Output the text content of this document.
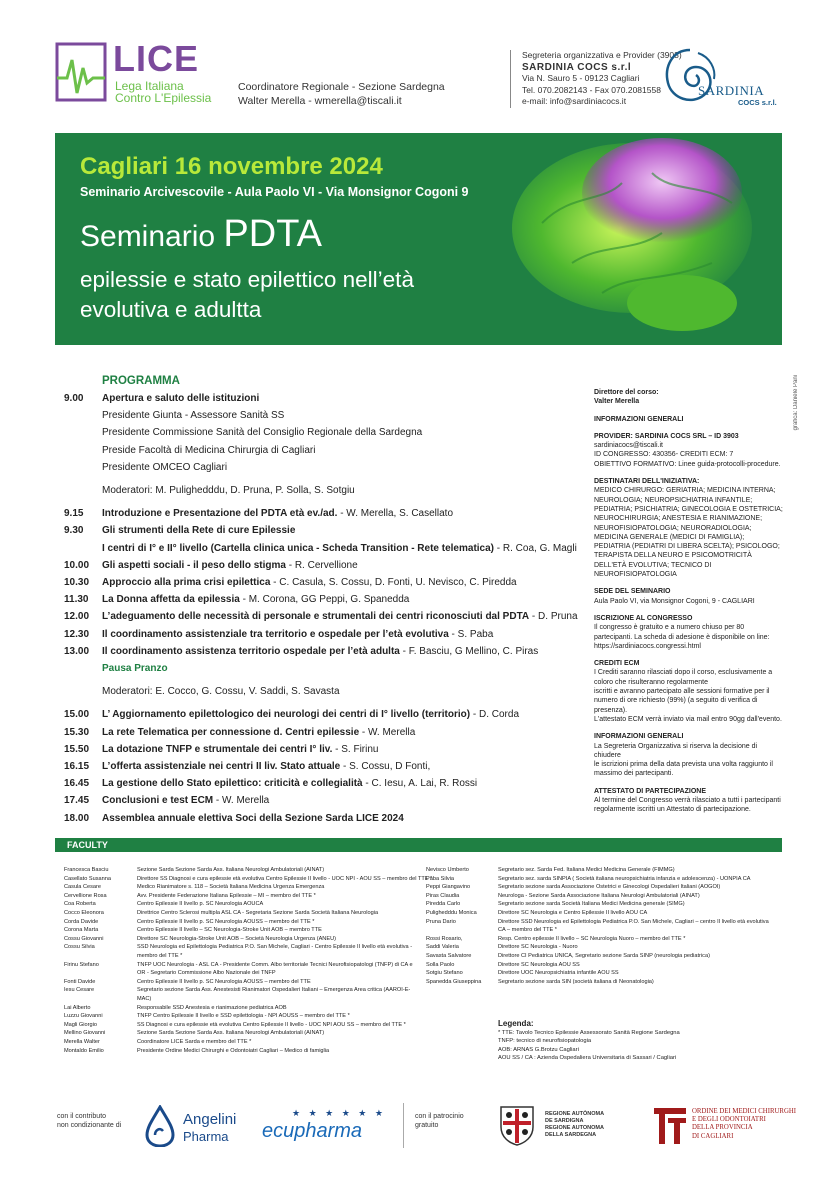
LICE
Lega Italiana
Contro L'Epilessia
Coordinatore Regionale - Sezione Sardegna
Walter Merella - wmerella@tiscali.it
Segreteria organizzativa e Provider (3903)
SARDINIA COCS s.r.l
Via N. Sauro 5 - 09123 Cagliari
Tel. 070.2082143 - Fax 070.2081558
e-mail: info@sardiniacocs.it
SARDINIA
COCS s.r.l.
Cagliari 16 novembre 2024
Seminario Arcivescovile - Aula Paolo VI - Via Monsignor Cogoni 9
Seminario PDTA
epilessie e stato epilettico nell’età
evolutiva e adultta
PROGRAMMA
9.00 Apertura e saluto delle istituzioni
Presidente Giunta - Assessore Sanità SS
Presidente Commissione Sanità del Consiglio Regionale della Sardegna
Preside Facoltà di Medicina Chirurgia di Cagliari
Presidente OMCEO Cagliari
Moderatori: M. Pulighedddu, D. Pruna, P. Solla, S. Sotgiu
9.15 Introduzione e Presentazione del PDTA età ev./ad. - W. Merella, S. Casellato
9.30 Gli strumenti della Rete di cure Epilessie
I centri di I° e II° livello (Cartella clinica unica - Scheda Transition - Rete telematica) - R. Coa, G. Magli
10.00 Gli aspetti sociali - il peso dello stigma - R. Cervellione
10.30 Approccio alla prima crisi epilettica - C. Casula, S. Cossu, D. Fonti, U. Nevisco, C. Piredda
11.30 La Donna affetta da epilessia - M. Corona, GG Peppi, G. Spanedda
12.00 L’adeguamento delle necessità di personale e strumentali dei centri riconosciuti dal PDTA - D. Pruna
12.30 Il coordinamento assistenziale tra territorio e ospedale per l’età evolutiva - S. Paba
13.00 Il coordinamento assistenza territorio ospedale per l’età adulta - F. Basciu, G Mellino, C. Piras
Pausa Pranzo
Moderatori: E. Cocco, G. Cossu, V. Saddi, S. Savasta
15.00 L’ Aggiornamento epilettologico dei neurologi dei centri di I° livello (territorio) - D. Corda
15.30 La rete Telematica per connessione d. Centri epilessie - W. Merella
15.50 La dotazione TNFP e strumentale dei centri I° liv. - S. Firinu
16.15 L’offerta assistenziale nei centri II liv. Stato attuale - S. Cossu, D Fonti,
16.45 La gestione dello Stato epilettico: criticità e collegialità - C. Iesu, A. Lai, R. Rossi
17.45 Conclusioni e test ECM - W. Merella
18.00 Assemblea annuale elettiva Soci della Sezione Sarda LICE 2024
Direttore del corso:
Valter Merella
INFORMAZIONI GENERALI
PROVIDER: SARDINIA COCS SRL – ID 3903
sardiniacocs@tiscali.it
ID CONGRESSO: 430356- CREDITI ECM: 7
OBIETTIVO FORMATIVO: Linee guida-protocolli-procedure.
DESTINATARI DELL'INIZIATIVA:
MEDICO CHIRURGO: GERIATRIA; MEDICINA INTERNA;
NEUROLOGIA; NEUROPSICHIATRIA INFANTILE;
PEDIATRIA; PSICHIATRIA; GINECOLOGIA E OSTETRICIA;
NEUROCHIRURGIA; ANESTESIA E RIANIMAZIONE;
NEUROFISIOPATOLOGIA; NEURORADIOLOGIA;
MEDICINA GENERALE (MEDICI DI FAMIGLIA);
PEDIATRIA (PEDIATRI DI LIBERA SCELTA); PSICOLOGO;
TERAPISTA DELLA NEURO E PSICOMOTRICITÀ
DELL'ETÀ EVOLUTIVA; TECNICO DI NEUROFISIOPATOLOGIA
SEDE DEL SEMINARIO
Aula Paolo VI, via Monsignor Cogoni, 9 - CAGLIARI
ISCRIZIONE AL CONGRESSO
Il congresso è gratuito e a numero chiuso per 80
partecipanti. La scheda di adesione è disponibile on line:
https://sardiniacocs.congressi.html
CREDITI ECM
I Crediti saranno rilasciati dopo il corso, esclusivamente a
coloro che risulteranno regolarmente
iscritti e avranno partecipato alle sessioni formative per il
numero di ore richiesto (99%) (a seguito di verifica di
presenza).
L'attestato ECM verrà inviato via mail entro 90gg dall'evento.
INFORMAZIONI GENERALI
La Segreteria Organizzativa si riserva la decisione di chiudere
le iscrizioni prima della data prevista una volta raggiunto il
massimo dei partecipanti.
ATTESTATO DI PARTECIPAZIONE
Al termine del Congresso verrà rilasciato a tutti i partecipanti
regolarmente iscritti un Attestato di partecipazione.
grafica: Daniele Pani
FACULTY
Francesca Basciu	Sezione Sarda Sezione Sarda Ass. Italiana Neurologi Ambulatoriali (AINAT)
Casellato Susanna	Direttore SS Diagnosi e cura epilessie età evolutiva Centro Epilessie II livello - UOC NPI - AOU SS – membro del TTE *
Casula Cesare	Medico Rianimatore s. 118 – Società Italiana Medicina Urgenza Emergenza
Cervellione Rosa	Avv. Presidente Federazione Italiana Epilessie – MI – membro del TTE *
Coa Roberta	Centro Epilessie II livello p. SC Neurologia AOUCA
Cocco Eleonora	Direttrice Centro Sclerosi multipla ASL CA - Segretaria Sezione Sarda Società Italiana Neurologia
Corda Davide	Centro Epilessie II livello p. SC Neurologia AOUSS – membro del TTE *
Corona Marta	Centro Epilessie II livello – SC Neurologia-Stroke Unit AOB – membro TTE
Cossu Giovanni	Direttore SC Neurologia-Stroke Unit AOB – Società Neurologia Urgenza (ANEU)
Cossu Silvia	SSD Neurologia ed Epilettologia Pediatrica P.O. San Michele, Cagliari - Centro Epilessie II livello età evolutiva -
membro del TTE *
Firinu Stefano	TNFP UOC Neurologia - ASL CA - Presidente Comm. Albo territoriale Tecnici Neurofisiopatologi (TNFP) di CA e
OR - Segretario Commissione Albo Nazionale dei TNFP
Fonti Davide	Centro Epilessie II livello p. SC Neurologia AOUSS – membro del TTE
Iesu Cesare	Segretario sezione Sarda Ass. Anestesisti Rianimatori Ospedalieri Italiani – Emergenza Area critica (AAROI-E-
MAC)
Lai Alberto	Responsabile SSD Anestesia e rianimazione pediatrica AOB
Luzzu Giovanni	TNFP Centro Epilessie II livello e SSD epilettologia - NPI AOUSS – membro del TTE *
Magli Giorgio	SS Diagnosi e cura epilessie età evolutiva Centro Epilessie II livello - UOC NPI AOU SS – membro del TTE *
Mellino Giovanni	Sezione Sarda Sezione Sarda Ass. Italiana Neurologi Ambulatoriali (AINAT)
Merella Walter	Coordinatore LICE Sarda e membro del TTE *
Montaldo Emilio	Presidente Ordine Medici Chirurghi e Odontoiatri Cagliari – Medico di famiglia
Nevisco Umberto	Segretario sez. Sarda Fed. Italiana Medici Medicina Generale (FIMMG)
Paba Silvia	Segretario sez. sarda SINPIA ( Società italiana neuropsichiatria infanzia e adolescenza) - UONPIA CA
Peppi Giangavino	Segretario sezione sarda Associazione Ostetrici e Ginecologi Ospedalieri Italiani (AOGOI)
Piras Claudia	Neurologa - Sezione Sarda Associazione Italiana Neurologi Ambulatoriali (AINAT)
Piredda Carlo	Segretario sezione sarda Società Italiana Medici Medicina generale (SIMG)
Pulighedddu Monica	Direttore SC Neurologia e Centro Epilessie II livello AOU CA
Pruna Dario	Direttore SSD Neurologia ed Epilettologia Pediatrica P.O. San Michele, Cagliari – centro II livello età evolutiva
CA – membro del TTE *
Rossi Rosario,	Resp. Centro epilessie II livello – SC Neurologia Nuoro – membro del TTE *
Saddi Valeria	Direttore SC Neurologia - Nuoro
Savasta Salvatore	Direttore CI Pediatrica UNICA, Segretario sezione Sarda SINP (neurologia pediatrica)
Solla Paolo	Direttore SC Neurologia AOU SS
Sotgiu Stefano	Direttore UOC Neuropsichiatria infantile AOU SS
Spanedda Giuseppina	Segretario sezione sarda SIN (società italiana di Neonatologia)
Legenda:
* TTE: Tavolo Tecnico Epilessie Assessorato Sanità Regione Sardegna
TNFP: tecnico di neurofisiopatologia
AOB: ARNAS G.Brotzu Cagliari
AOU SS / CA : Azienda Ospedaliera Universitaria di Sassari / Cagliari
con il contributo
non condizionante di	Angelini
Pharma
★ ★ ★ ★ ★ ★
ecupharma
con il patrocinio
gratuito
REGIONE AUTÒNOMA
DE SARDIGNA
REGIONE AUTONOMA
DELLA SARDEGNA
ORDINE DEI MEDICI CHIRURGHI
E DEGLI ODONTOIATRI
DELLA PROVINCIA
DI CAGLIARI
